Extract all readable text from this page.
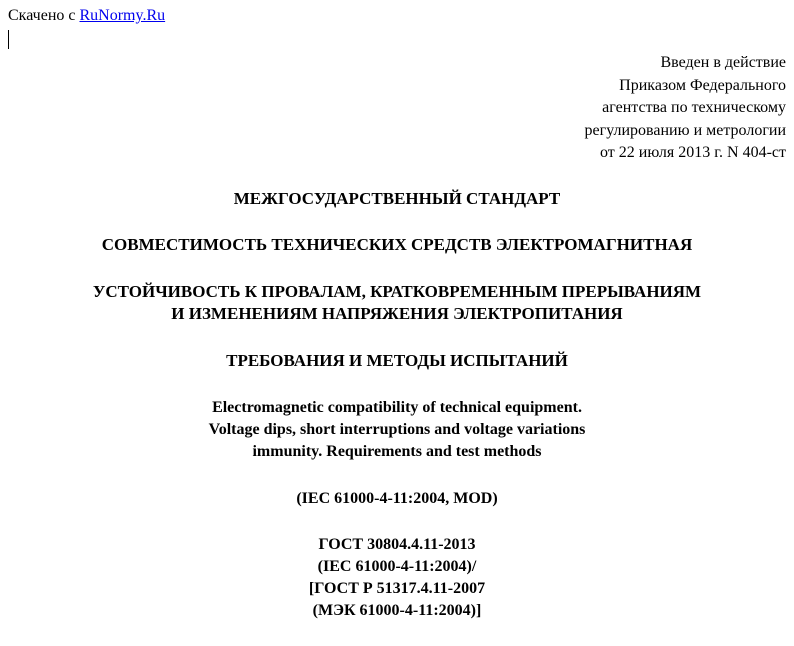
Скачено с RuNormy.Ru
Введен в действие
Приказом Федерального
агентства по техническому
регулированию и метрологии
от 22 июля 2013 г. N 404-ст
МЕЖГОСУДАРСТВЕННЫЙ СТАНДАРТ
СОВМЕСТИМОСТЬ ТЕХНИЧЕСКИХ СРЕДСТВ ЭЛЕКТРОМАГНИТНАЯ
УСТОЙЧИВОСТЬ К ПРОВАЛАМ, КРАТКОВРЕМЕННЫМ ПРЕРЫВАНИЯМ
И ИЗМЕНЕНИЯМ НАПРЯЖЕНИЯ ЭЛЕКТРОПИТАНИЯ
ТРЕБОВАНИЯ И МЕТОДЫ ИСПЫТАНИЙ
Electromagnetic compatibility of technical equipment.
Voltage dips, short interruptions and voltage variations
immunity. Requirements and test methods
(IEC 61000-4-11:2004, MOD)
ГОСТ 30804.4.11-2013
(IEC 61000-4-11:2004)/
[ГОСТ Р 51317.4.11-2007
(МЭК 61000-4-11:2004)]
